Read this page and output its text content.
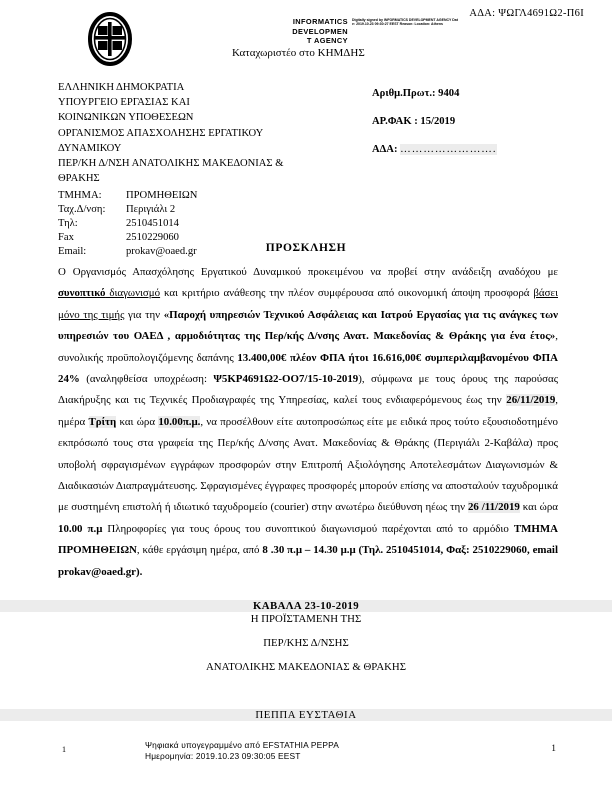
ΑΔΑ: ΨΩΓΛ4691Ω2-Π6Ι
INFORMATICS
DEVELOPMEN
T AGENCY
Digitally signed by INFORMATICS DEVELOPMENT AGENCY Date: 2019.10.23 09:30:27 EEST Reason: Location: Athens
Καταχωριστέο στο ΚΗΜΔΗΣ
ΕΛΛΗΝΙΚΗ ΔΗΜΟΚΡΑΤΙΑ
ΥΠΟΥΡΓΕΙΟ ΕΡΓΑΣΙΑΣ ΚΑΙ
ΚΟΙΝΩΝΙΚΩΝ ΥΠΟΘΕΣΕΩΝ
ΟΡΓΑΝΙΣΜΟΣ ΑΠΑΣΧΟΛΗΣΗΣ ΕΡΓΑΤΙΚΟΥ
ΔΥΝΑΜΙΚΟΥ
ΠΕΡ/ΚΗ Δ/ΝΣΗ ΑΝΑΤΟΛΙΚΗΣ ΜΑΚΕΔΟΝΙΑΣ &
ΘΡΑΚΗΣ
ΤΜΗΜΑ:	ΠΡΟΜΗΘΕΙΩΝ
Ταχ.Δ/νση:	Περιγιάλι 2
Τηλ:	2510451014
Fax	2510229060
Email:	prokav@oaed.gr
Αριθμ.Πρωτ.: 9404
ΑΡ.ΦΑΚ : 15/2019
ΑΔΑ: …………………….
ΠΡΟΣΚΛΗΣΗ
Ο Οργανισμός Απασχόλησης Εργατικού Δυναμικού προκειμένου να προβεί στην ανάδειξη αναδόχου με συνοπτικό διαγωνισμό και κριτήριο ανάθεσης την πλέον συμφέρουσα από οικονομική άποψη προσφορά βάσει μόνο της τιμής για την «Παροχή υπηρεσιών Τεχνικού Ασφάλειας και Ιατρού Εργασίας για τις ανάγκες των υπηρεσιών του ΟΑΕΔ , αρμοδιότητας της Περ/κής Δ/νσης Ανατ. Μακεδονίας & Θράκης για ένα έτος», συνολικής προϋπολογιζόμενης δαπάνης 13.400,00€ πλέον ΦΠΑ ήτοι 16.616,00€ συμπεριλαμβανομένου ΦΠΑ 24% (αναληφθείσα υποχρέωση: Ψ5ΚΡ4691Ω2-ΟΟ7/15-10-2019), σύμφωνα με τους όρους της παρούσας Διακήρυξης και τις Τεχνικές Προδιαγραφές της Υπηρεσίας, καλεί τους ενδιαφερόμενους έως την 26/11/2019, ημέρα Τρίτη και ώρα 10.00π.μ., να προσέλθουν είτε αυτοπροσώπως είτε με ειδικά προς τούτο εξουσιοδοτημένο εκπρόσωπό τους στα γραφεία της Περ/κής Δ/νσης Ανατ. Μακεδονίας & Θράκης (Περιγιάλι 2-Καβάλα) προς υποβολή σφραγισμένων εγγράφων προσφορών στην Επιτροπή Αξιολόγησης Αποτελεσμάτων Διαγωνισμών & Διαδικασιών Διαπραγμάτευσης. Σφραγισμένες έγγραφες προσφορές μπορούν επίσης να αποσταλούν ταχυδρομικά με συστημένη επιστολή ή ιδιωτικό ταχυδρομείο (courier) στην ανωτέρω διεύθυνση ηέως την 26 /11/2019 και ώρα 10.00 π.μ Πληροφορίες για τους όρους του συνοπτικού διαγωνισμού παρέχονται από το αρμόδιο ΤΜΗΜΑ ΠΡΟΜΗΘΕΙΩΝ, κάθε εργάσιμη ημέρα, από 8 .30 π.μ – 14.30 μ.μ (Τηλ. 2510451014, Φαξ: 2510229060, email prokav@oaed.gr).
ΚΑΒΑΛΑ 23-10-2019
Η ΠΡΟΪΣΤΑΜΕΝΗ ΤΗΣ
ΠΕΡ/ΚΗΣ Δ/ΝΣΗΣ
ΑΝΑΤΟΛΙΚΗΣ ΜΑΚΕΔΟΝΙΑΣ & ΘΡΑΚΗΣ
ΠΕΠΠΑ ΕΥΣΤΑΘΙΑ
Ψηφιακά υπογεγραμμένο από EFSTATHIA PEPPA
Ημερομηνία: 2019.10.23 09:30:05 EEST
1	1
